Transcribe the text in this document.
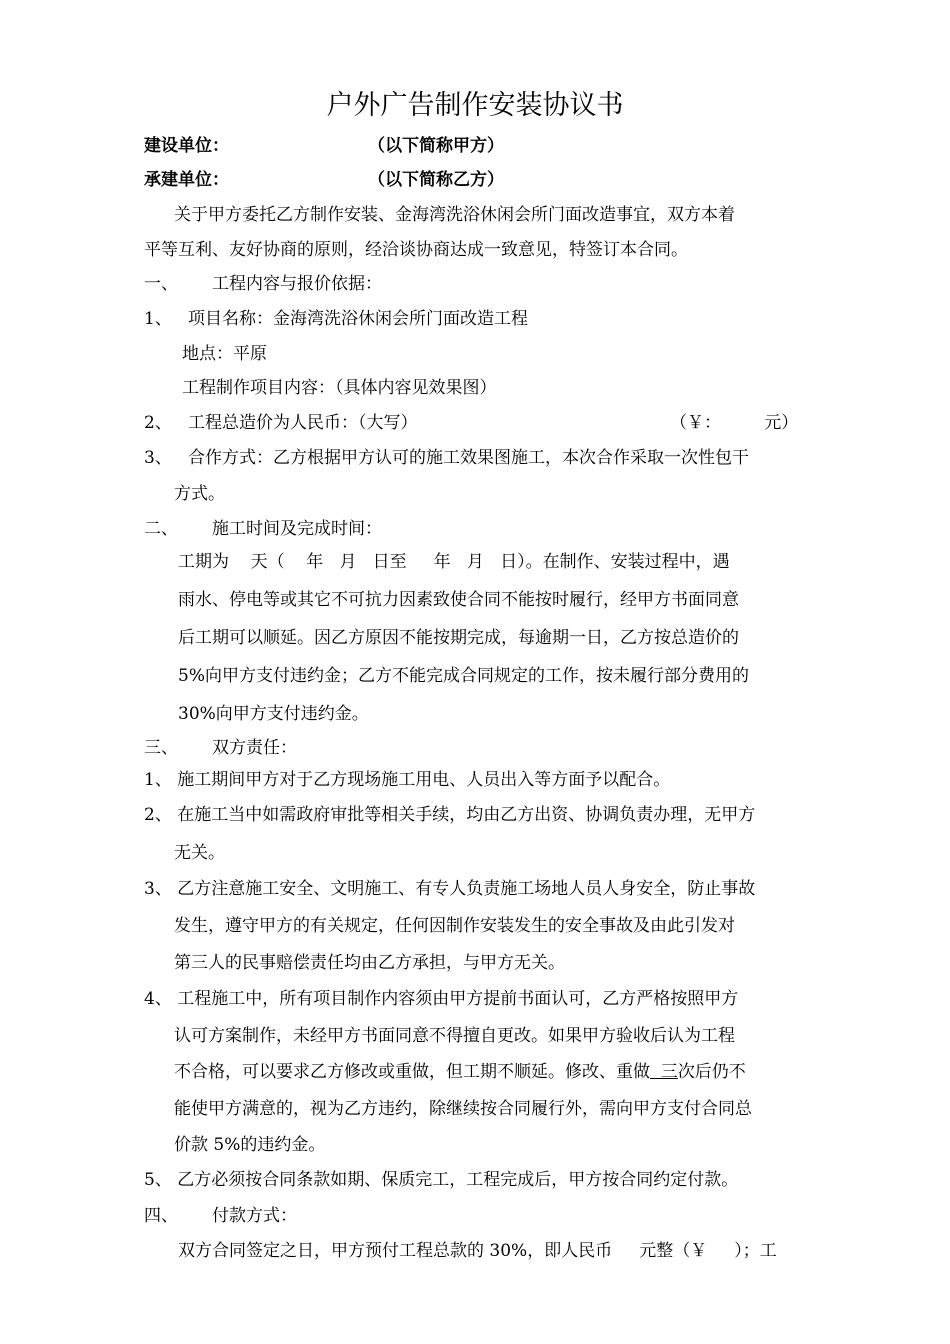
户外广告制作安装协议书
建设单位：	（以下简称甲方）
承建单位：	（以下简称乙方）
关于甲方委托乙方制作安装、金海湾洗浴休闲会所门面改造事宜，双方本着
平等互利、友好协商的原则，经洽谈协商达成一致意见，特签订本合同。
一、 工程内容与报价依据：
1、 项目名称：金海湾洗浴休闲会所门面改造工程
地点：平原
工程制作项目内容：（具体内容见效果图）
2、 工程总造价为人民币：（大写）	（￥：        元）
3、 合作方式：乙方根据甲方认可的施工效果图施工，本次合作采取一次性包干
方式。
二、 施工时间及完成时间：
工期为    天（    年   月   日至     年   月   日）。在制作、安装过程中，遇
雨水、停电等或其它不可抗力因素致使合同不能按时履行，经甲方书面同意
后工期可以顺延。因乙方原因不能按期完成，每逾期一日，乙方按总造价的
5%向甲方支付违约金；乙方不能完成合同规定的工作，按未履行部分费用的
30%向甲方支付违约金。
三、 双方责任：
1、 施工期间甲方对于乙方现场施工用电、人员出入等方面予以配合。
2、 在施工当中如需政府审批等相关手续，均由乙方出资、协调负责办理，无甲方
无关。
3、 乙方注意施工安全、文明施工、有专人负责施工场地人员人身安全，防止事故
发生，遵守甲方的有关规定，任何因制作安装发生的安全事故及由此引发对
第三人的民事赔偿责任均由乙方承担，与甲方无关。
4、 工程施工中，所有项目制作内容须由甲方提前书面认可，乙方严格按照甲方
认可方案制作，未经甲方书面同意不得擅自更改。如果甲方验收后认为工程
不合格，可以要求乙方修改或重做，但工期不顺延。修改、重做  三次后仍不
能使甲方满意的，视为乙方违约，除继续按合同履行外，需向甲方支付合同总
价款 5%的违约金。
5、 乙方必须按合同条款如期、保质完工，工程完成后，甲方按合同约定付款。
四、 付款方式：
双方合同签定之日，甲方预付工程总款的 30%，即人民币     元整（￥     ）；工
